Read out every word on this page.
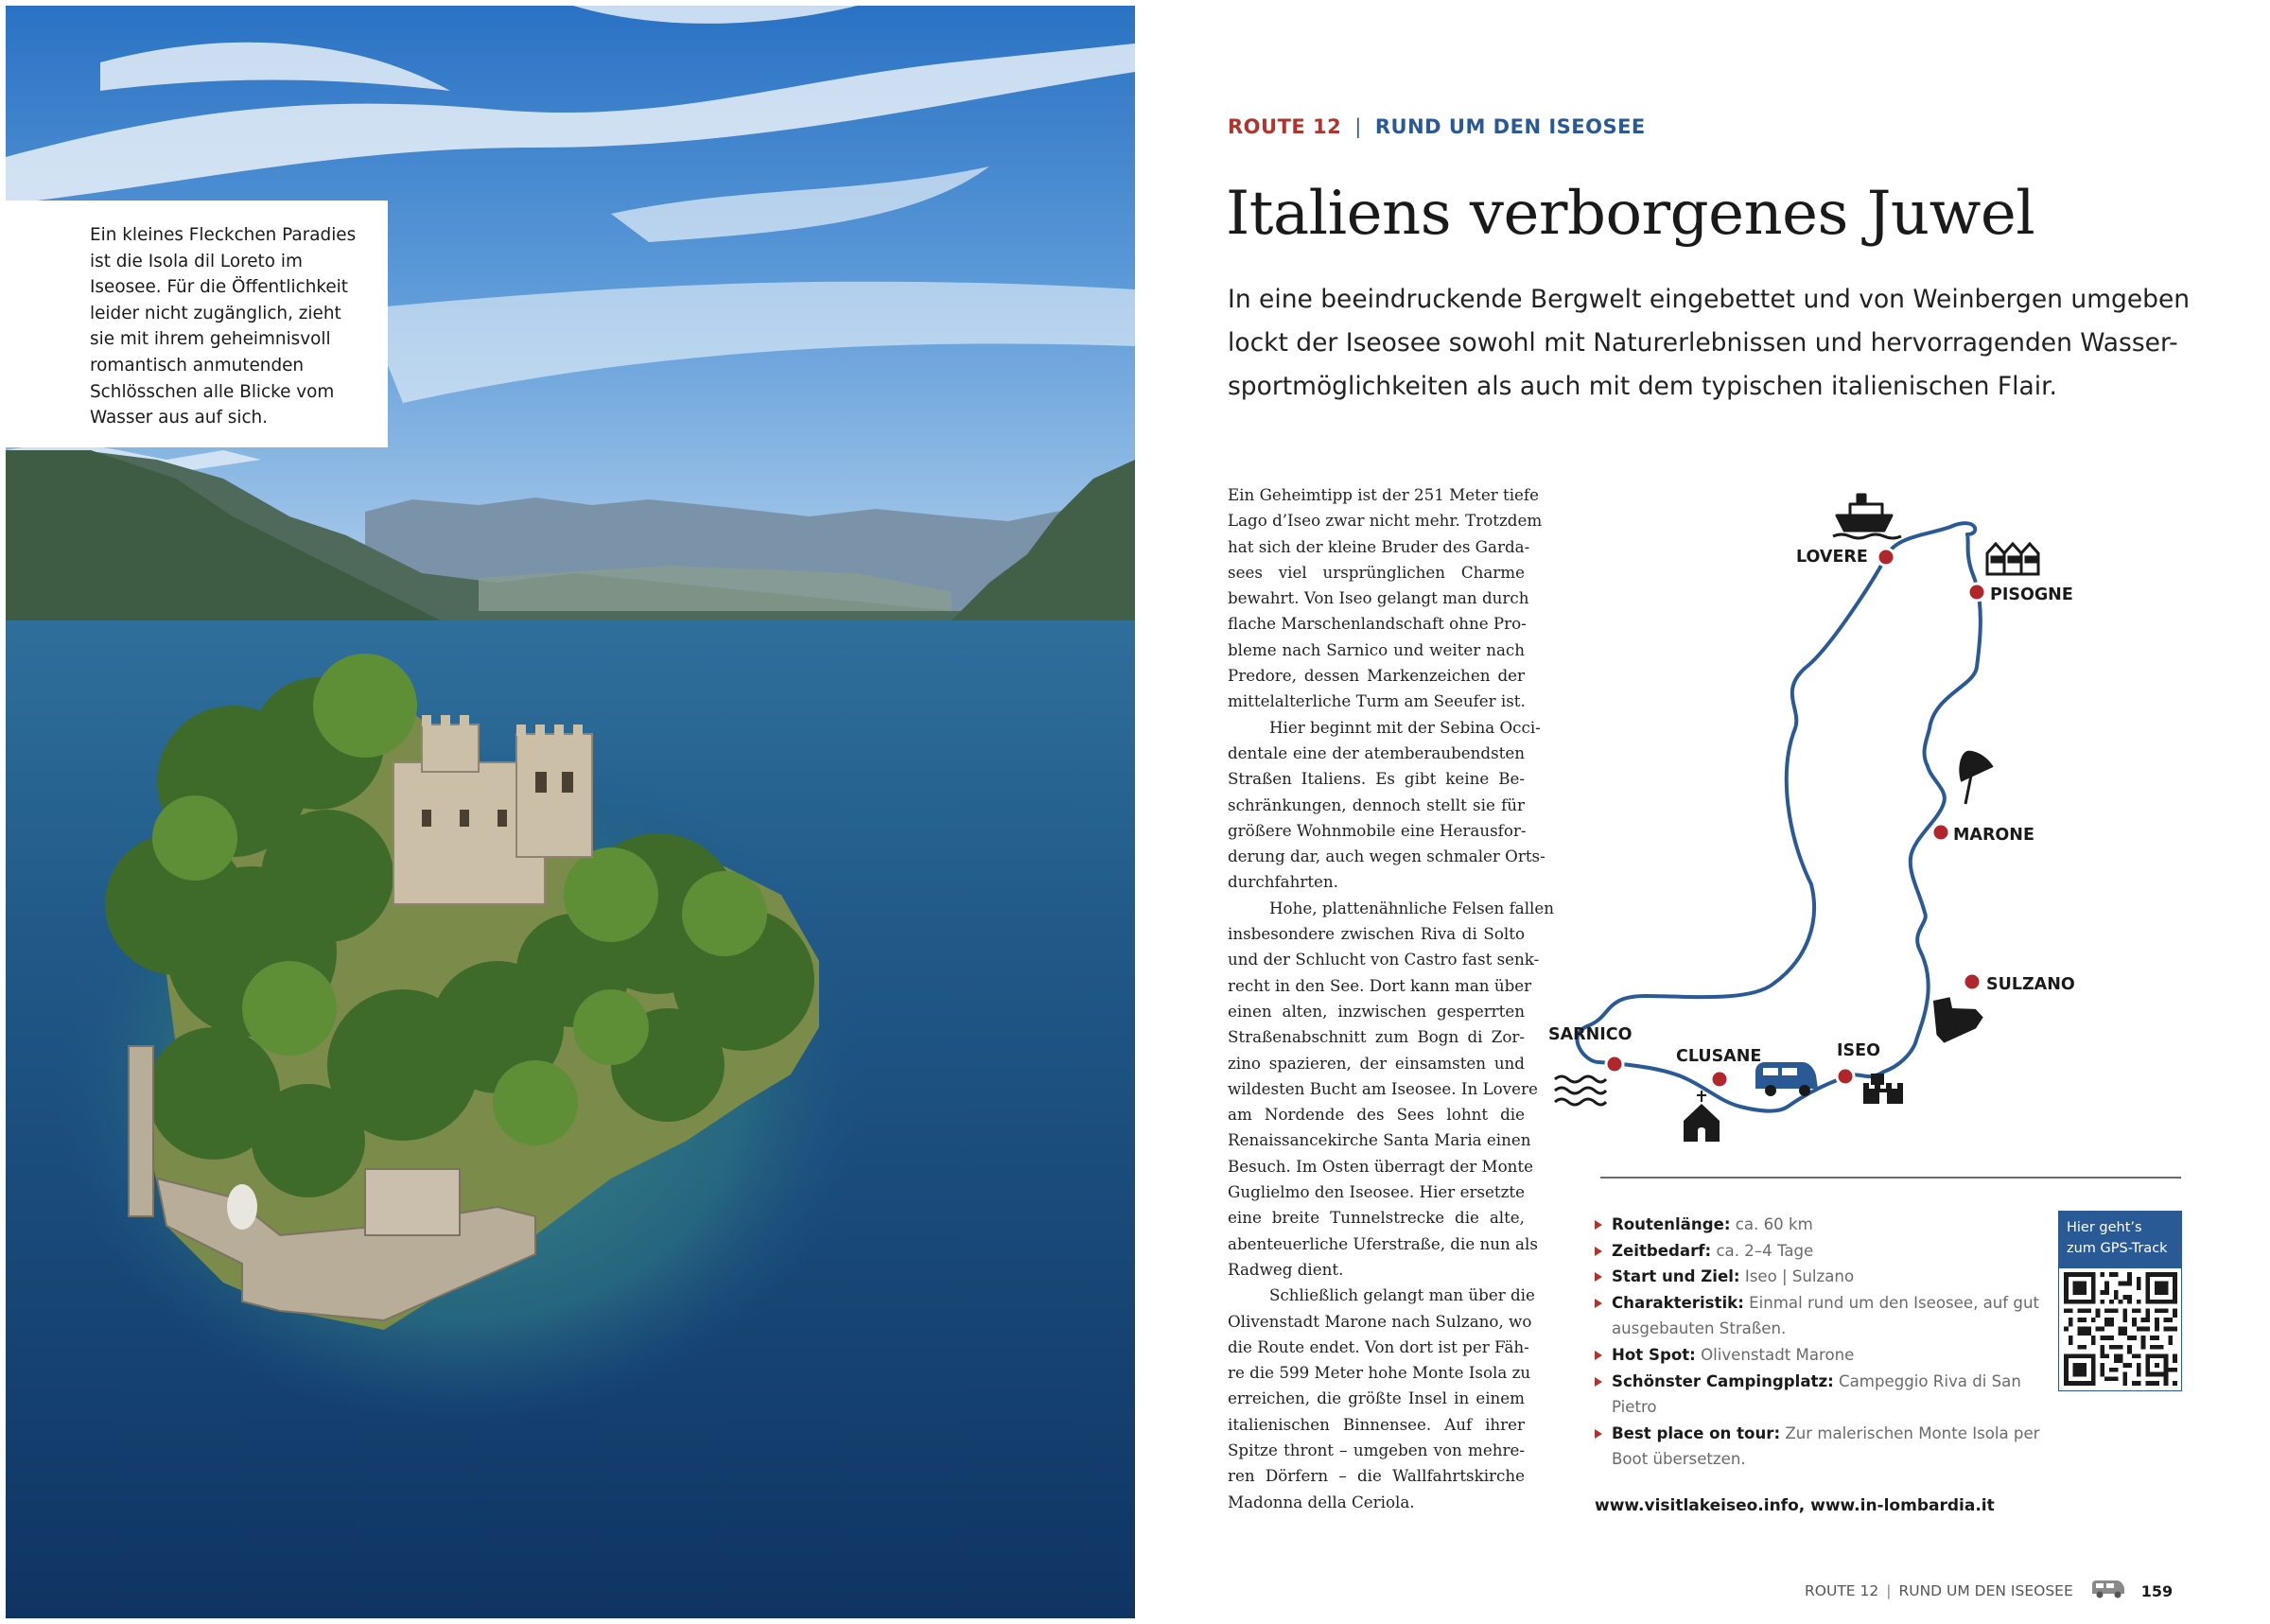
Ein kleines Fleckchen Paradies
ist die Isola dil Loreto im
Iseosee. Für die Öffentlichkeit
leider nicht zugänglich, zieht
sie mit ihrem geheimnisvoll
romantisch anmutenden
Schlösschen alle Blicke vom
Wasser aus auf sich.
ROUTE 12 | RUND UM DEN ISEOSEE
Italiens verborgenes Juwel
In eine beeindruckende Bergwelt eingebettet und von Weinbergen umgeben
lockt der Iseosee sowohl mit Naturerlebnissen und hervorragenden Wasser-
sportmöglichkeiten als auch mit dem typischen italienischen Flair.
Ein Geheimtipp ist der 251 Meter tiefe
Lago d’Iseo zwar nicht mehr. Trotzdem
hat sich der kleine Bruder des Garda-
sees viel ursprünglichen Charme
bewahrt. Von Iseo gelangt man durch
flache Marschenlandschaft ohne Pro-
bleme nach Sarnico und weiter nach
Predore, dessen Markenzeichen der
mittelalterliche Turm am Seeufer ist.
Hier beginnt mit der Sebina Occi-
dentale eine der atemberaubendsten
Straßen Italiens. Es gibt keine Be-
schränkungen, dennoch stellt sie für
größere Wohnmobile eine Herausfor-
derung dar, auch wegen schmaler Orts-
durchfahrten.
Hohe, plattenähnliche Felsen fallen
insbesondere zwischen Riva di Solto
und der Schlucht von Castro fast senk-
recht in den See. Dort kann man über
einen alten, inzwischen gesperrten
Straßenabschnitt zum Bogn di Zor-
zino spazieren, der einsamsten und
wildesten Bucht am Iseosee. In Lovere
am Nordende des Sees lohnt die
Renaissancekirche Santa Maria einen
Besuch. Im Osten überragt der Monte
Guglielmo den Iseosee. Hier ersetzte
eine breite Tunnelstrecke die alte,
abenteuerliche Uferstraße, die nun als
Radweg dient.
Schließlich gelangt man über die
Olivenstadt Marone nach Sulzano, wo
die Route endet. Von dort ist per Fäh-
re die 599 Meter hohe Monte Isola zu
erreichen, die größte Insel in einem
italienischen Binnensee. Auf ihrer
Spitze thront – umgeben von mehre-
ren Dörfern – die Wallfahrtskirche
Madonna della Ceriola.
LOVERE
PISOGNE
MARONE
SULZANO
ISEO
CLUSANE
SARNICO
Routenlänge: ca. 60 km
Zeitbedarf: ca. 2–4 Tage
Start und Ziel: Iseo | Sulzano
Charakteristik: Einmal rund um den Iseosee, auf gut
ausgebauten Straßen.
Hot Spot: Olivenstadt Marone
Schönster Campingplatz: Campeggio Riva di San
Pietro
Best place on tour: Zur malerischen Monte Isola per
Boot übersetzen.
www.visitlakeiseo.info, www.in-lombardia.it
Hier geht’s
zum GPS-Track
ROUTE 12 | RUND UM DEN ISEOSEE	159
